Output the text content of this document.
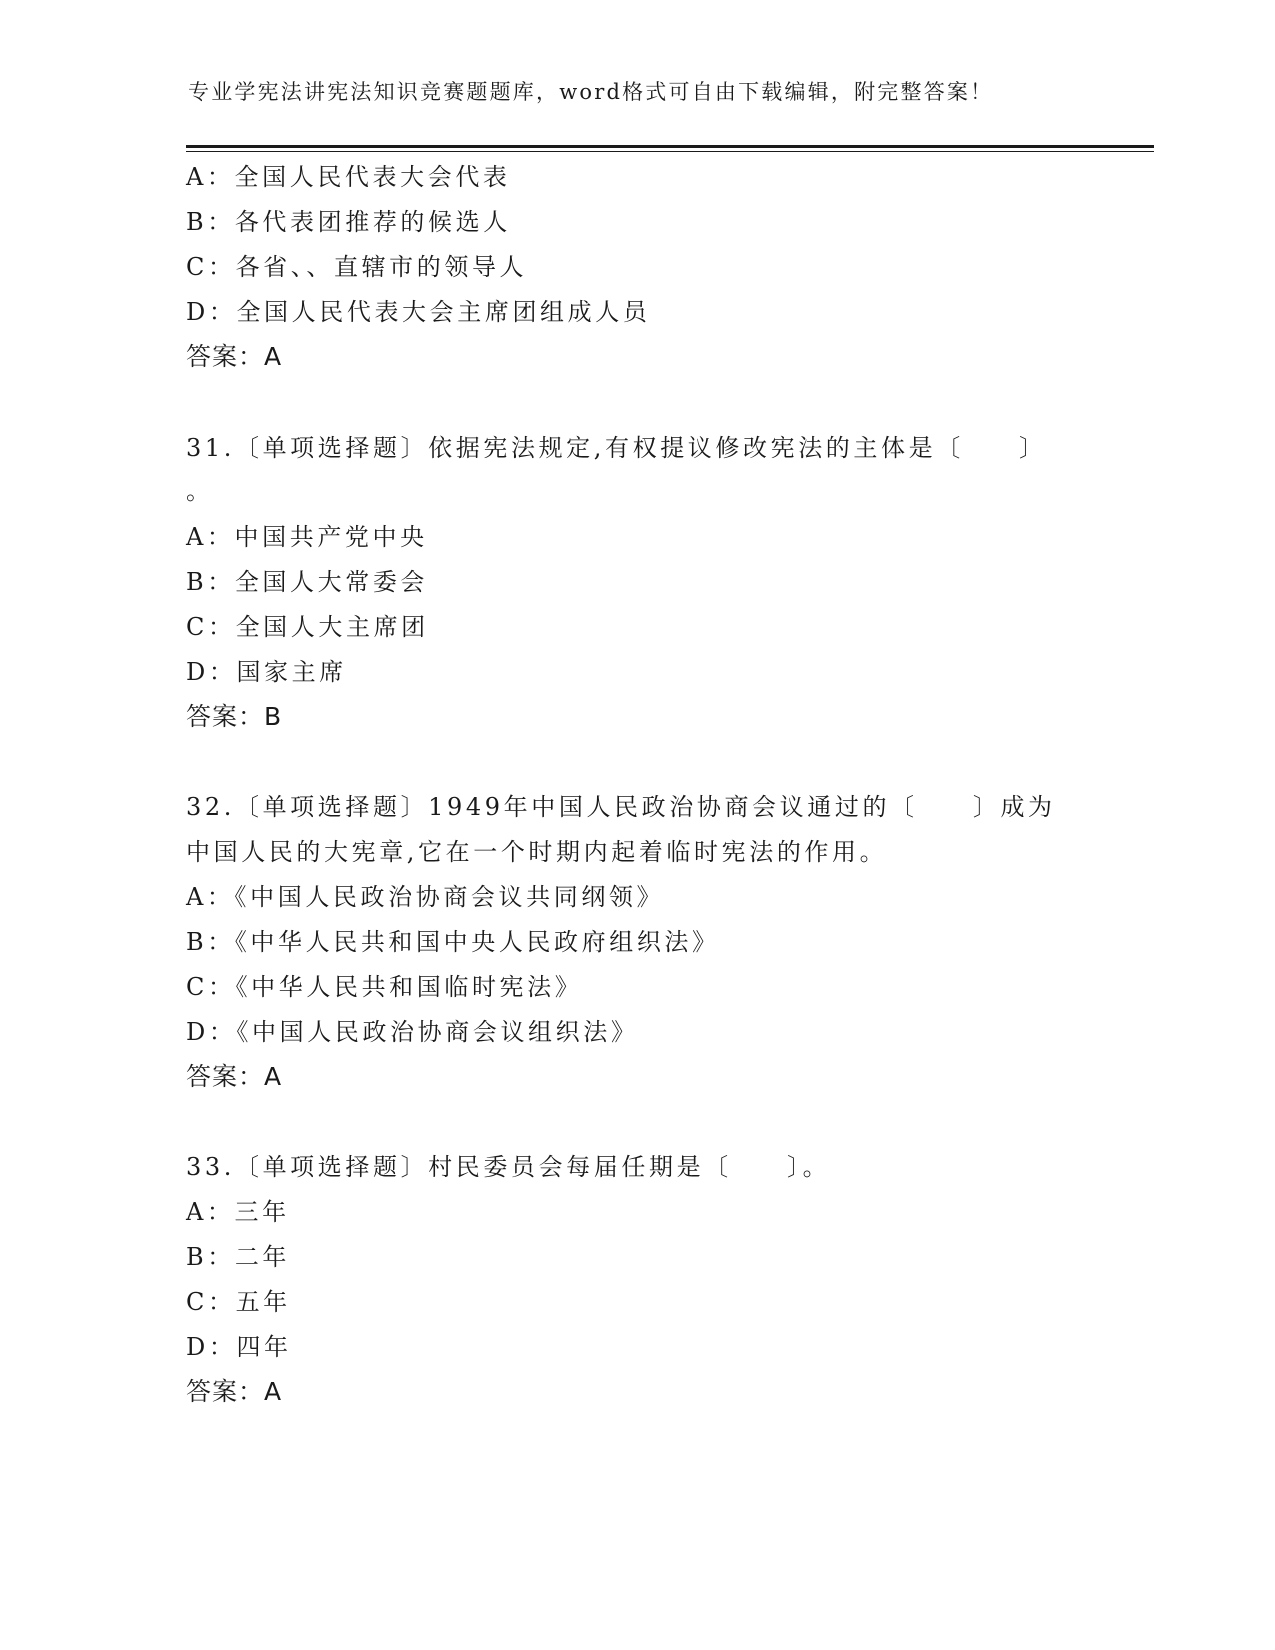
专业学宪法讲宪法知识竞赛题题库，word格式可自由下载编辑，附完整答案！
A：全国人民代表大会代表
B：各代表团推荐的候选人
C：各省、、直辖市的领导人
D：全国人民代表大会主席团组成人员
答案：A
31.〔单项选择题〕依据宪法规定,有权提议修改宪法的主体是〔　　〕
。
A：中国共产党中央
B：全国人大常委会
C：全国人大主席团
D：国家主席
答案：B
32.〔单项选择题〕1949年中国人民政治协商会议通过的〔　　〕成为
中国人民的大宪章,它在一个时期内起着临时宪法的作用。
A：《中国人民政治协商会议共同纲领》
B：《中华人民共和国中央人民政府组织法》
C：《中华人民共和国临时宪法》
D：《中国人民政治协商会议组织法》
答案：A
33.〔单项选择题〕村民委员会每届任期是〔　　〕。
A：三年
B：二年
C：五年
D：四年
答案：A
